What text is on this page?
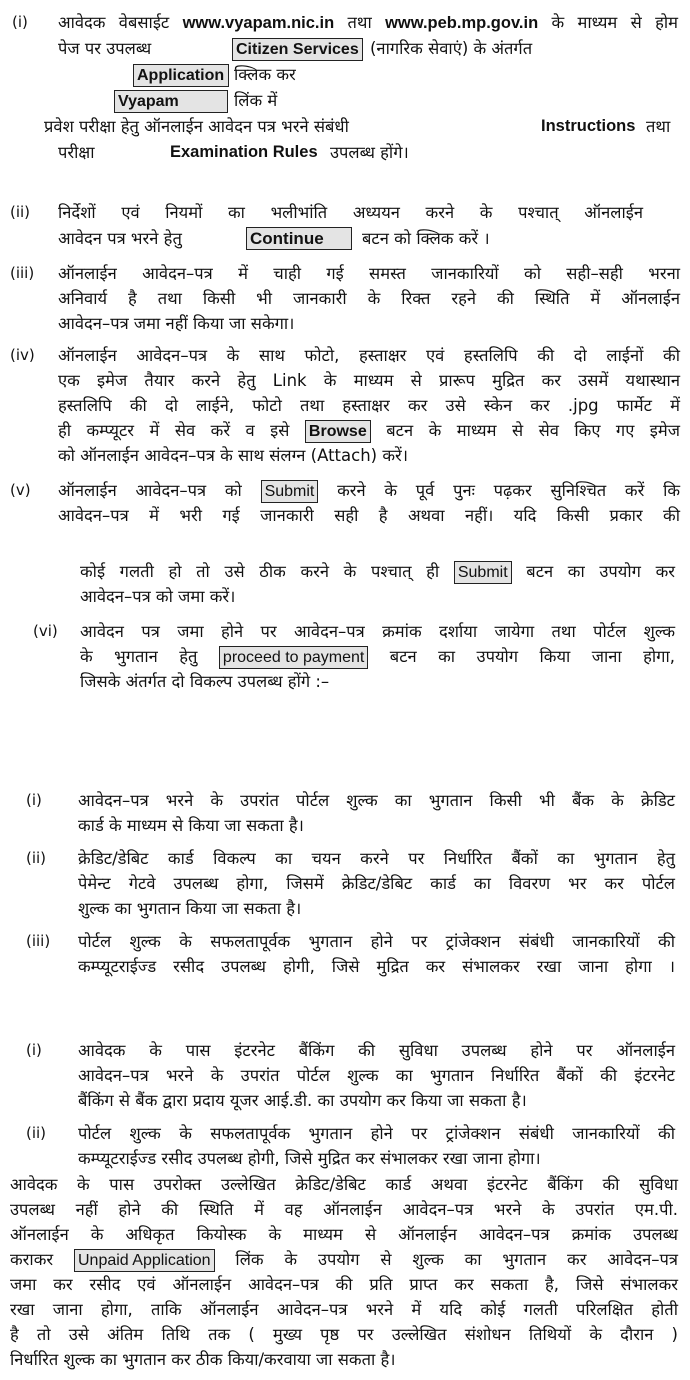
(i) आवेदक वेबसाईट www.vyapam.nic.in तथा www.peb.mp.gov.in के माध्यम से होम
पेज पर उपलब्ध	Citizen Services (नागरिक सेवाएं) के अंतर्गत
Application क्लिक कर
Vyapam	लिंक में
प्रवेश परीक्षा हेतु ऑनलाईन आवेदन पत्र भरने संबंधी	Instructions तथा
परीक्षा	Examination Rules उपलब्ध होंगे।
(ii) निर्देशों एवं नियमों का भलीभांति अध्ययन करने के पश्चात् ऑनलाईन
आवेदन पत्र भरने हेतु	Continue	बटन को क्लिक करें ।
(iii) ऑनलाईन आवेदन–पत्र में चाही गई समस्त जानकारियों को सही–सही भरना
अनिवार्य है तथा किसी भी जानकारी के रिक्त रहने की स्थिति में ऑनलाईन
आवेदन–पत्र जमा नहीं किया जा सकेगा।
(iv) ऑनलाईन आवेदन–पत्र के साथ फोटो, हस्ताक्षर एवं हस्तलिपि की दो लाईनों की
एक इमेज तैयार करने हेतु Link के माध्यम से प्रारूप मुद्रित कर उसमें यथास्थान
हस्तलिपि की दो लाईने, फोटो तथा हस्ताक्षर कर उसे स्केन कर .jpg फार्मेट में
ही कम्प्यूटर में सेव करें व इसे Browse बटन के माध्यम से सेव किए गए इमेज
को ऑनलाईन आवेदन–पत्र के साथ संलग्न (Attach) करें।
(v) ऑनलाईन आवेदन–पत्र को Submit करने के पूर्व पुनः पढ़कर सुनिश्चित करें कि
आवेदन–पत्र में भरी गई जानकारी सही है अथवा नहीं। यदि किसी प्रकार की
कोई गलती हो तो उसे ठीक करने के पश्चात् ही Submit बटन का उपयोग कर
आवेदन–पत्र को जमा करें।
(vi) आवेदन पत्र जमा होने पर आवेदन–पत्र क्रमांक दर्शाया जायेगा तथा पोर्टल शुल्क
के भुगतान हेतु proceed to payment बटन का उपयोग किया जाना होगा,
जिसके अंतर्गत दो विकल्प उपलब्ध होंगे :–
(i) आवेदन–पत्र भरने के उपरांत पोर्टल शुल्क का भुगतान किसी भी बैंक के क्रेडिट
कार्ड के माध्यम से किया जा सकता है।
(ii) क्रेडिट/डेबिट कार्ड विकल्प का चयन करने पर निर्धारित बैंकों का भुगतान हेतु
पेमेन्ट गेटवे उपलब्ध होगा, जिसमें क्रेडिट/डेबिट कार्ड का विवरण भर कर पोर्टल
शुल्क का भुगतान किया जा सकता है।
(iii) पोर्टल शुल्क के सफलतापूर्वक भुगतान होने पर ट्रांजेक्शन संबंधी जानकारियों की
कम्प्यूटराईज्ड रसीद उपलब्ध होगी, जिसे मुद्रित कर संभालकर रखा जाना होगा ।
(i) आवेदक के पास इंटरनेट बैंकिंग की सुविधा उपलब्ध होने पर ऑनलाईन
आवेदन–पत्र भरने के उपरांत पोर्टल शुल्क का भुगतान निर्धारित बैंकों की इंटरनेट
बैंकिंग से बैंक द्वारा प्रदाय यूजर आई.डी. का उपयोग कर किया जा सकता है।
(ii) पोर्टल शुल्क के सफलतापूर्वक भुगतान होने पर ट्रांजेक्शन संबंधी जानकारियों की
कम्प्यूटराईज्ड रसीद उपलब्ध होगी, जिसे मुद्रित कर संभालकर रखा जाना होगा।
आवेदक के पास उपरोक्त उल्लेखित क्रेडिट/डेबिट कार्ड अथवा इंटरनेट बैंकिंग की सुविधा
उपलब्ध नहीं होने की स्थिति में वह ऑनलाईन आवेदन–पत्र भरने के उपरांत एम.पी.
ऑनलाईन के अधिकृत कियोस्क के माध्यम से ऑनलाईन आवेदन–पत्र क्रमांक उपलब्ध
कराकर Unpaid Application लिंक के उपयोग से शुल्क का भुगतान कर आवेदन–पत्र
जमा कर रसीद एवं ऑनलाईन आवेदन–पत्र की प्रति प्राप्त कर सकता है, जिसे संभालकर
रखा जाना होगा, ताकि ऑनलाईन आवेदन–पत्र भरने में यदि कोई गलती परिलक्षित होती
है तो उसे अंतिम तिथि तक ( मुख्य पृष्ठ पर उल्लेखित संशोधन तिथियों के दौरान )
निर्धारित शुल्क का भुगतान कर ठीक किया/करवाया जा सकता है।
